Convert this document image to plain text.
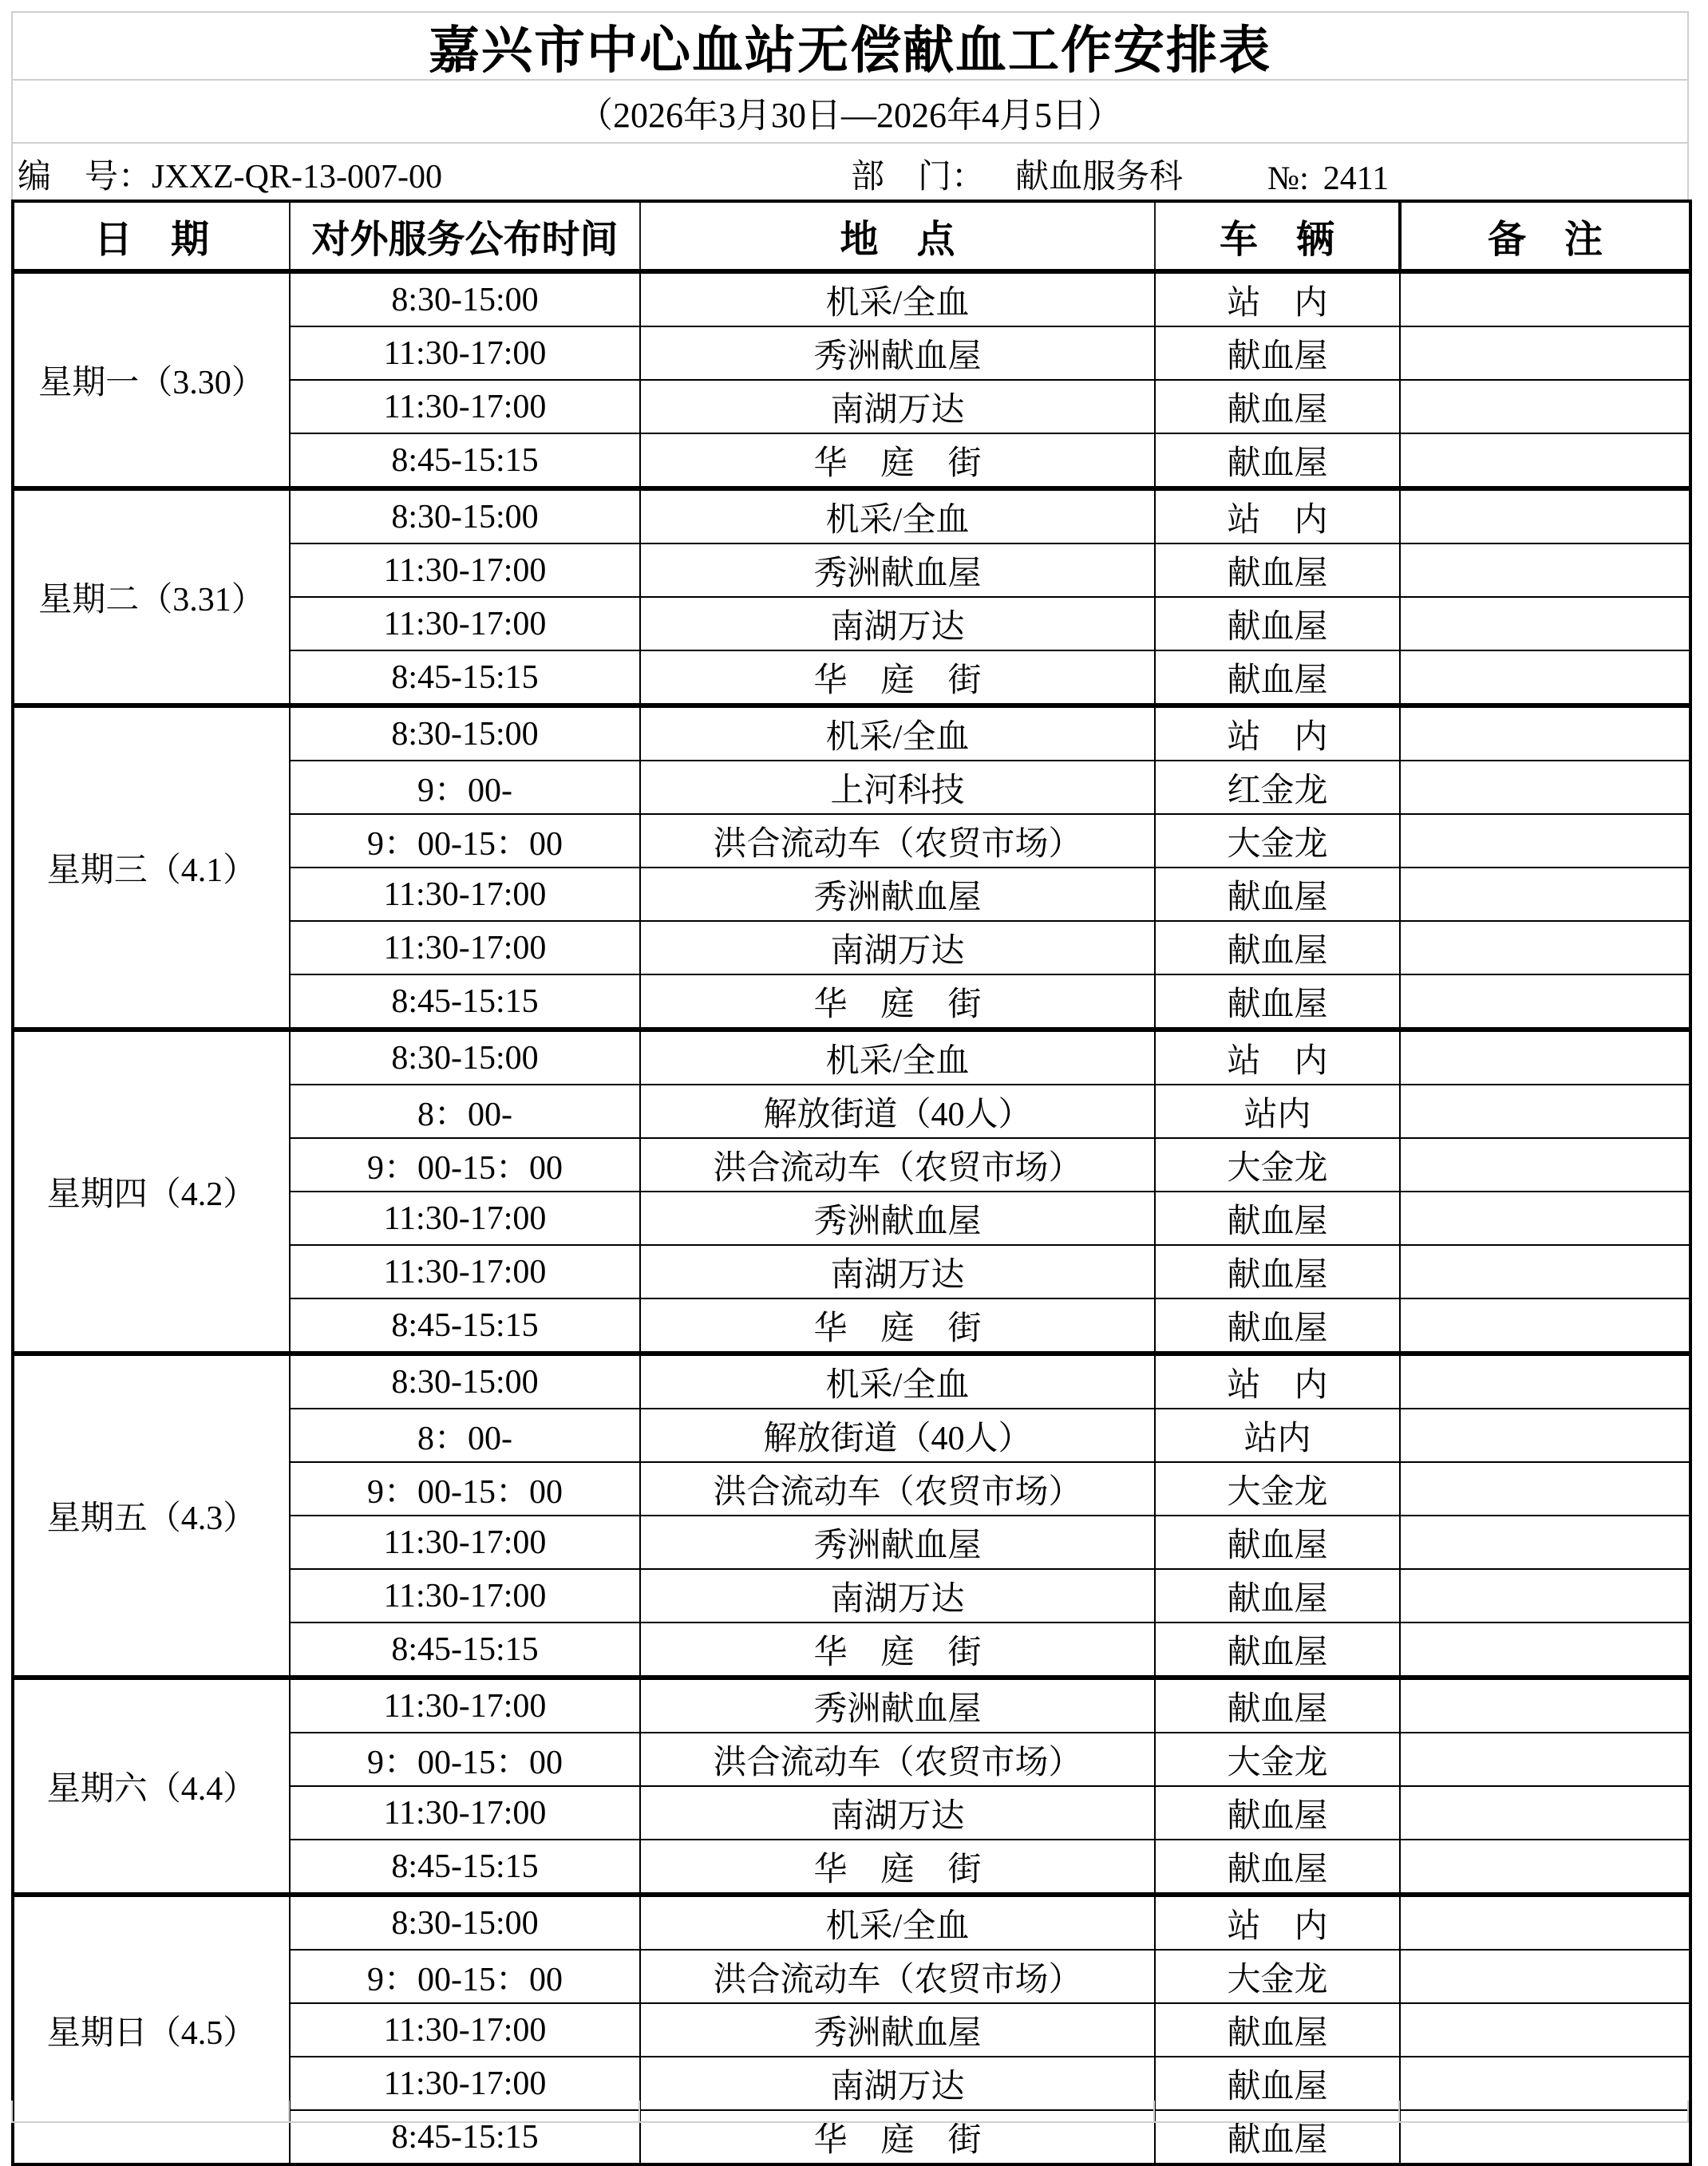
嘉兴市中心血站无偿献血工作安排表
（2026年3月30日—2026年4月5日）
编　号：JXXZ-QR-13-007-00	部　门： 献血服务科	№: 2411
日　期	对外服务公布时间	地　点	车　辆	备　注
星期一（3.30）	8:30-15:00	机采/全血	站　内	
	11:30-17:00	秀洲献血屋	献血屋	
	11:30-17:00	南湖万达	献血屋	
	8:45-15:15	华　庭　街	献血屋	
星期二（3.31）	8:30-15:00	机采/全血	站　内	
	11:30-17:00	秀洲献血屋	献血屋	
	11:30-17:00	南湖万达	献血屋	
	8:45-15:15	华　庭　街	献血屋	
星期三（4.1）	8:30-15:00	机采/全血	站　内	
	9：00-	上河科技	红金龙	
	9：00-15：00	洪合流动车（农贸市场）	大金龙	
	11:30-17:00	秀洲献血屋	献血屋	
	11:30-17:00	南湖万达	献血屋	
	8:45-15:15	华　庭　街	献血屋	
星期四（4.2）	8:30-15:00	机采/全血	站　内	
	8：00-	解放街道（40人）	站内	
	9：00-15：00	洪合流动车（农贸市场）	大金龙	
	11:30-17:00	秀洲献血屋	献血屋	
	11:30-17:00	南湖万达	献血屋	
	8:45-15:15	华　庭　街	献血屋	
星期五（4.3）	8:30-15:00	机采/全血	站　内	
	8：00-	解放街道（40人）	站内	
	9：00-15：00	洪合流动车（农贸市场）	大金龙	
	11:30-17:00	秀洲献血屋	献血屋	
	11:30-17:00	南湖万达	献血屋	
	8:45-15:15	华　庭　街	献血屋	
星期六（4.4）	11:30-17:00	秀洲献血屋	献血屋	
	9：00-15：00	洪合流动车（农贸市场）	大金龙	
	11:30-17:00	南湖万达	献血屋	
	8:45-15:15	华　庭　街	献血屋	
星期日（4.5）	8:30-15:00	机采/全血	站　内	
	9：00-15：00	洪合流动车（农贸市场）	大金龙	
	11:30-17:00	秀洲献血屋	献血屋	
	11:30-17:00	南湖万达	献血屋	
	8:45-15:15	华　庭　街	献血屋	
